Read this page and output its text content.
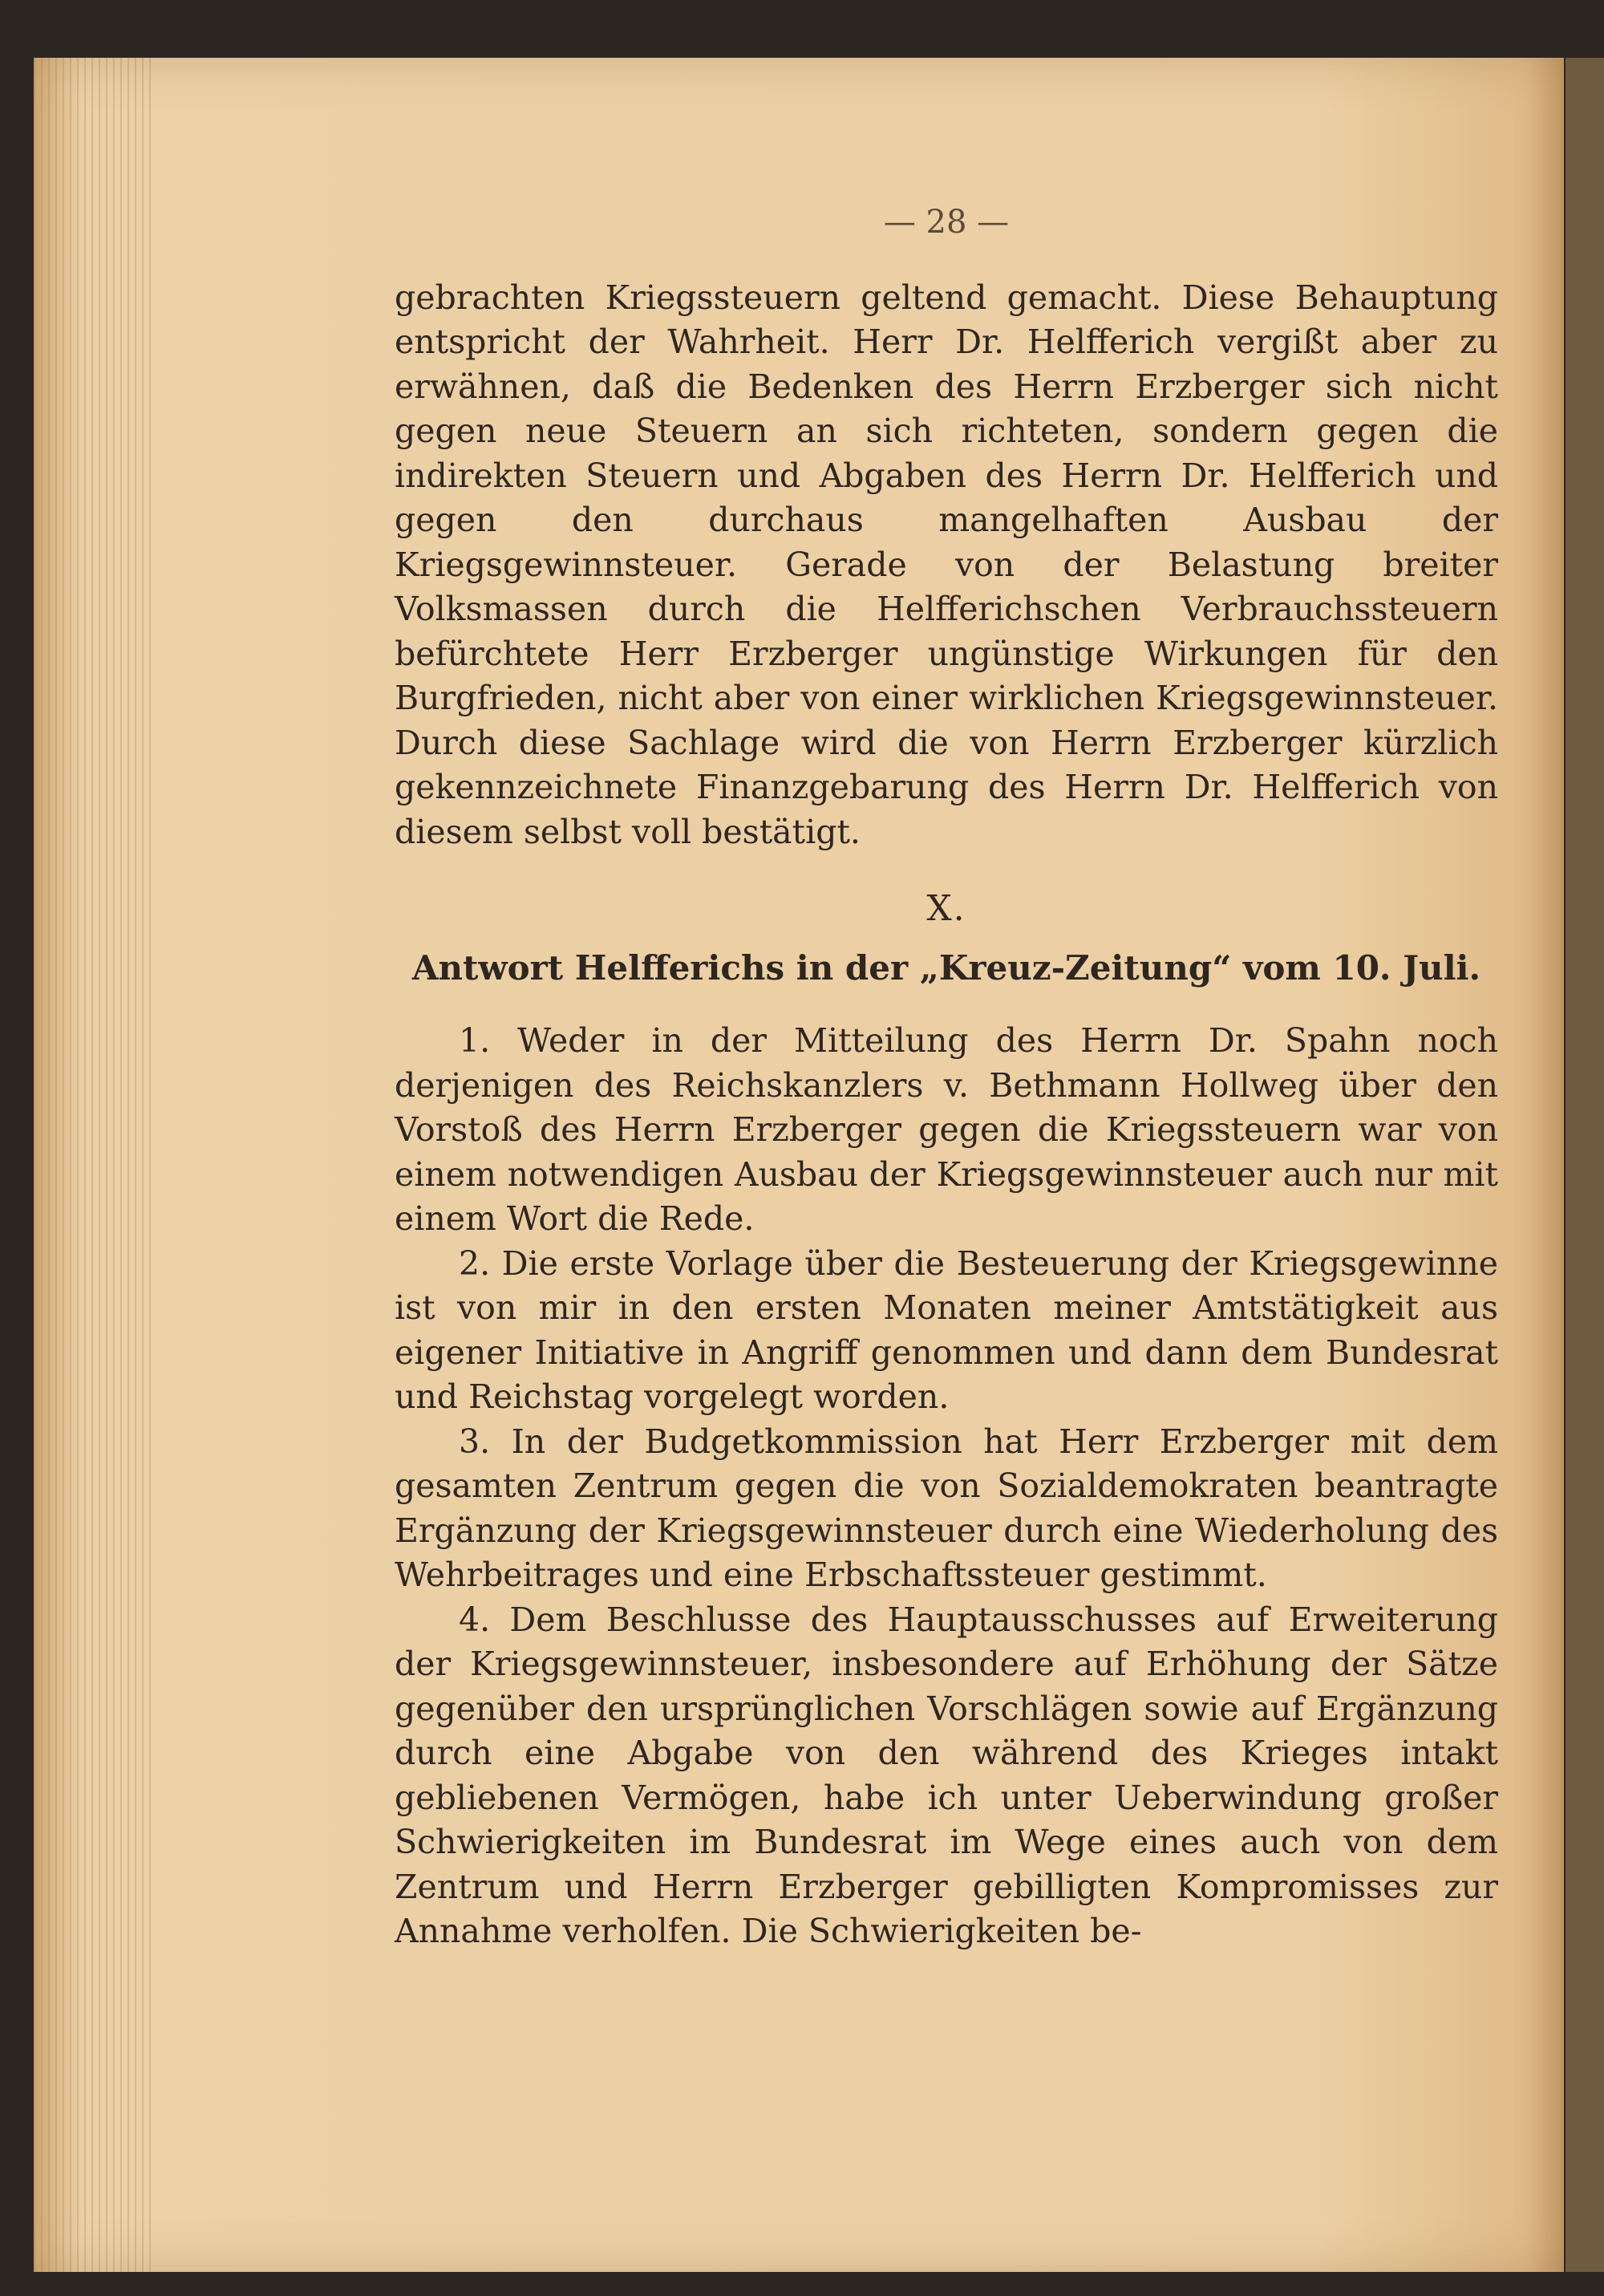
— 28 —

gebrachten Kriegssteuern geltend gemacht. Diese Behauptung entspricht der Wahrheit. Herr Dr. Helfferich vergißt aber zu erwähnen, daß die Bedenken des Herrn Erzberger sich nicht gegen neue Steuern an sich richteten, sondern gegen die indirekten Steuern und Abgaben des Herrn Dr. Helfferich und gegen den durchaus mangelhaften Ausbau der Kriegsgewinnsteuer. Gerade von der Belastung breiter Volksmassen durch die Helfferichschen Verbrauchssteuern befürchtete Herr Erzberger ungünstige Wirkungen für den Burgfrieden, nicht aber von einer wirklichen Kriegsgewinnsteuer. Durch diese Sachlage wird die von Herrn Erzberger kürzlich gekennzeichnete Finanzgebarung des Herrn Dr. Helfferich von diesem selbst voll bestätigt.

X.
Antwort Helfferichs in der „Kreuz-Zeitung“ vom 10. Juli.

1. Weder in der Mitteilung des Herrn Dr. Spahn noch derjenigen des Reichskanzlers v. Bethmann Hollweg über den Vorstoß des Herrn Erzberger gegen die Kriegssteuern war von einem notwendigen Ausbau der Kriegsgewinnsteuer auch nur mit einem Wort die Rede.

2. Die erste Vorlage über die Besteuerung der Kriegsgewinne ist von mir in den ersten Monaten meiner Amtstätigkeit aus eigener Initiative in Angriff genommen und dann dem Bundesrat und Reichstag vorgelegt worden.

3. In der Budgetkommission hat Herr Erzberger mit dem gesamten Zentrum gegen die von Sozialdemokraten beantragte Ergänzung der Kriegsgewinnsteuer durch eine Wiederholung des Wehrbeitrages und eine Erbschaftssteuer gestimmt.

4. Dem Beschlusse des Hauptausschusses auf Erweiterung der Kriegsgewinnsteuer, insbesondere auf Erhöhung der Sätze gegenüber den ursprünglichen Vorschlägen sowie auf Ergänzung durch eine Abgabe von den während des Krieges intakt gebliebenen Vermögen, habe ich unter Ueberwindung großer Schwierigkeiten im Bundesrat im Wege eines auch von dem Zentrum und Herrn Erzberger gebilligten Kompromisses zur Annahme verholfen. Die Schwierigkeiten be-
